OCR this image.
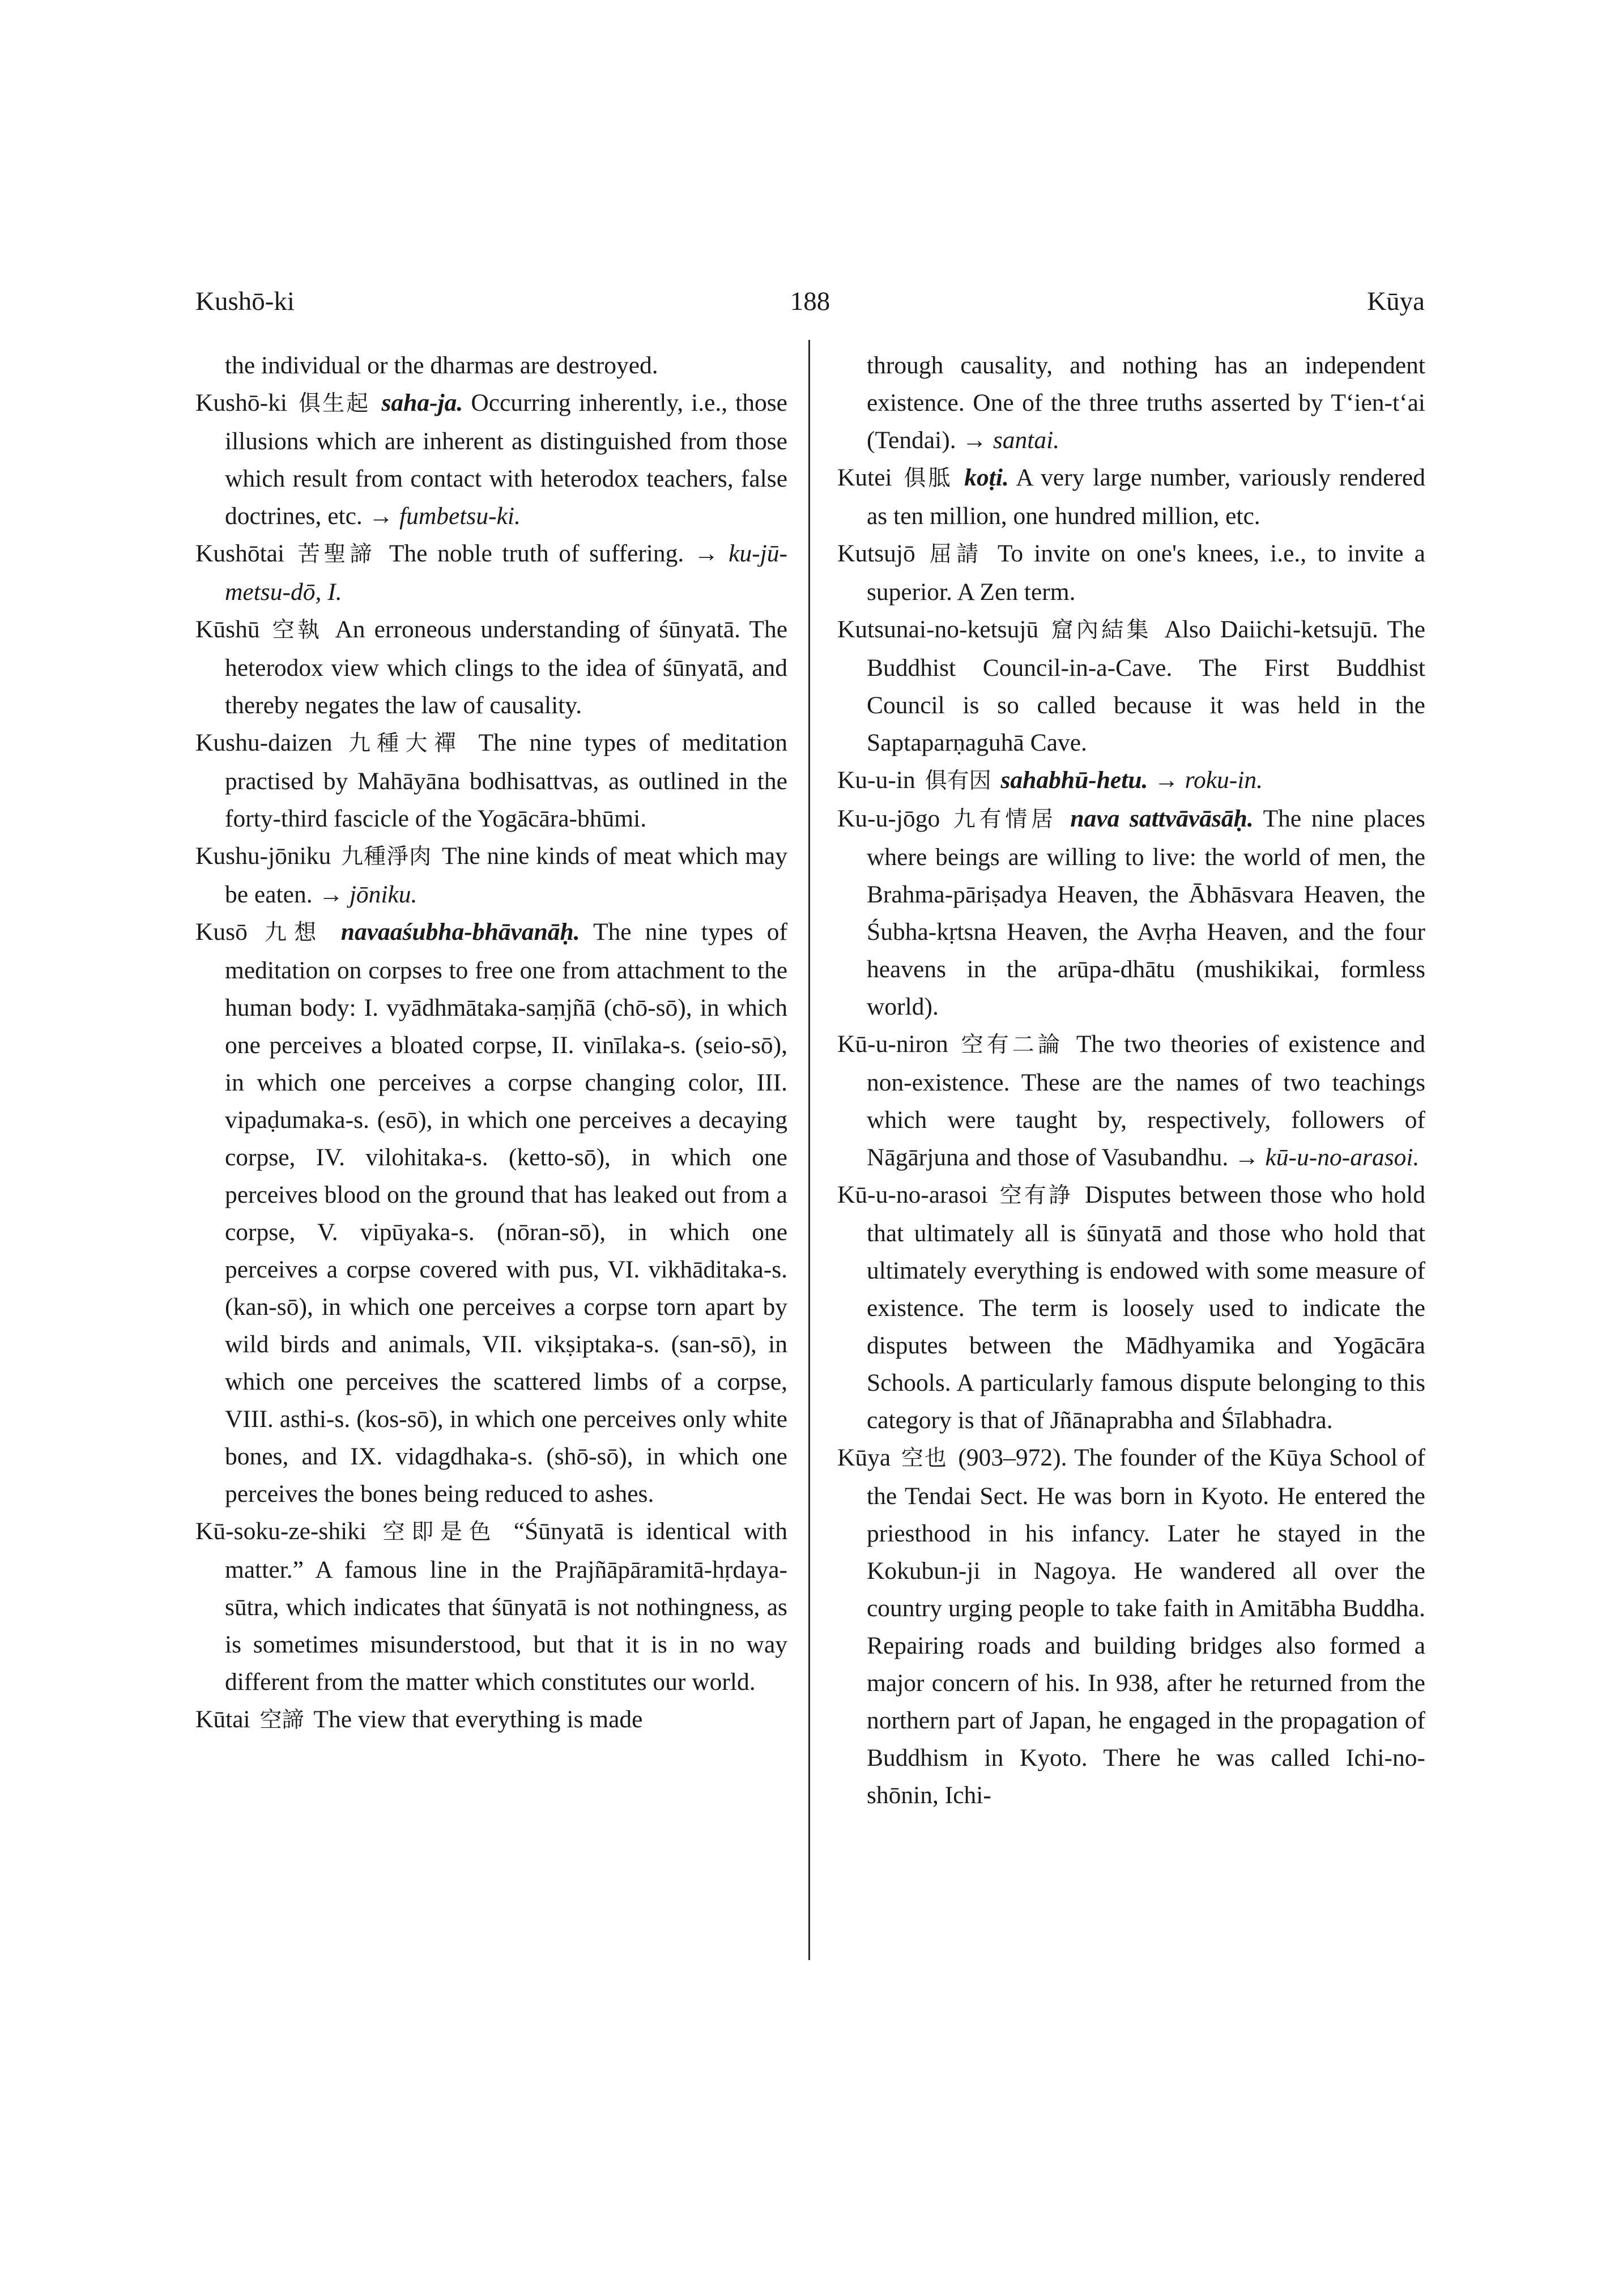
Kushō-ki	188	Kūya

the individual or the dharmas are destroyed.

Kushō-ki 俱生起 saha-ja. Occurring inherently, i.e., those illusions which are inherent as distinguished from those which result from contact with heterodox teachers, false doctrines, etc. → fumbetsu-ki.

Kushōtai 苦聖諦 The noble truth of suffering. → ku-jū-metsu-dō, I.

Kūshū 空執 An erroneous understanding of śūnyatā. The heterodox view which clings to the idea of śūnyatā, and thereby negates the law of causality.

Kushu-daizen 九種大禪 The nine types of meditation practised by Mahāyāna bodhisattvas, as outlined in the forty-third fascicle of the Yogācāra-bhūmi.

Kushu-jōniku 九種淨肉 The nine kinds of meat which may be eaten. → jōniku.

Kusō 九想 navaaśubha-bhāvanāḥ. The nine types of meditation on corpses to free one from attachment to the human body: I. vyādhmātaka-saṃjñā (chō-sō), in which one perceives a bloated corpse, II. vinīlaka-s. (seio-sō), in which one perceives a corpse changing color, III. vipaḍumaka-s. (esō), in which one perceives a decaying corpse, IV. vilohitaka-s. (ketto-sō), in which one perceives blood on the ground that has leaked out from a corpse, V. vipūyaka-s. (nōran-sō), in which one perceives a corpse covered with pus, VI. vikhāditaka-s. (kan-sō), in which one perceives a corpse torn apart by wild birds and animals, VII. vikṣiptaka-s. (san-sō), in which one perceives the scattered limbs of a corpse, VIII. asthi-s. (kos-sō), in which one perceives only white bones, and IX. vidagdhaka-s. (shō-sō), in which one perceives the bones being reduced to ashes.

Kū-soku-ze-shiki 空即是色 “Śūnyatā is identical with matter.” A famous line in the Prajñāpāramitā-hṛdaya-sūtra, which indicates that śūnyatā is not nothingness, as is sometimes misunderstood, but that it is in no way different from the matter which constitutes our world.

Kūtai 空諦 The view that everything is made

through causality, and nothing has an independent existence. One of the three truths asserted by T‘ien-t‘ai (Tendai). → santai.

Kutei 俱胝 koṭi. A very large number, variously rendered as ten million, one hundred million, etc.

Kutsujō 屈請 To invite on one's knees, i.e., to invite a superior. A Zen term.

Kutsunai-no-ketsujū 窟內結集 Also Daiichi-ketsujū. The Buddhist Council-in-a-Cave. The First Buddhist Council is so called because it was held in the Saptaparṇaguhā Cave.

Ku-u-in 俱有因 sahabhū-hetu. → roku-in.

Ku-u-jōgo 九有情居 nava sattvāvāsāḥ. The nine places where beings are willing to live: the world of men, the Brahma-pāriṣadya Heaven, the Ābhāsvara Heaven, the Śubha-kṛtsna Heaven, the Avṛha Heaven, and the four heavens in the arūpa-dhātu (mushikikai, formless world).

Kū-u-niron 空有二論 The two theories of existence and non-existence. These are the names of two teachings which were taught by, respectively, followers of Nāgārjuna and those of Vasubandhu. → kū-u-no-arasoi.

Kū-u-no-arasoi 空有諍 Disputes between those who hold that ultimately all is śūnyatā and those who hold that ultimately everything is endowed with some measure of existence. The term is loosely used to indicate the disputes between the Mādhyamika and Yogācāra Schools. A particularly famous dispute belonging to this category is that of Jñānaprabha and Śīlabhadra.

Kūya 空也 (903–972). The founder of the Kūya School of the Tendai Sect. He was born in Kyoto. He entered the priesthood in his infancy. Later he stayed in the Kokubun-ji in Nagoya. He wandered all over the country urging people to take faith in Amitābha Buddha. Repairing roads and building bridges also formed a major concern of his. In 938, after he returned from the northern part of Japan, he engaged in the propagation of Buddhism in Kyoto. There he was called Ichi-no-shōnin, Ichi-
